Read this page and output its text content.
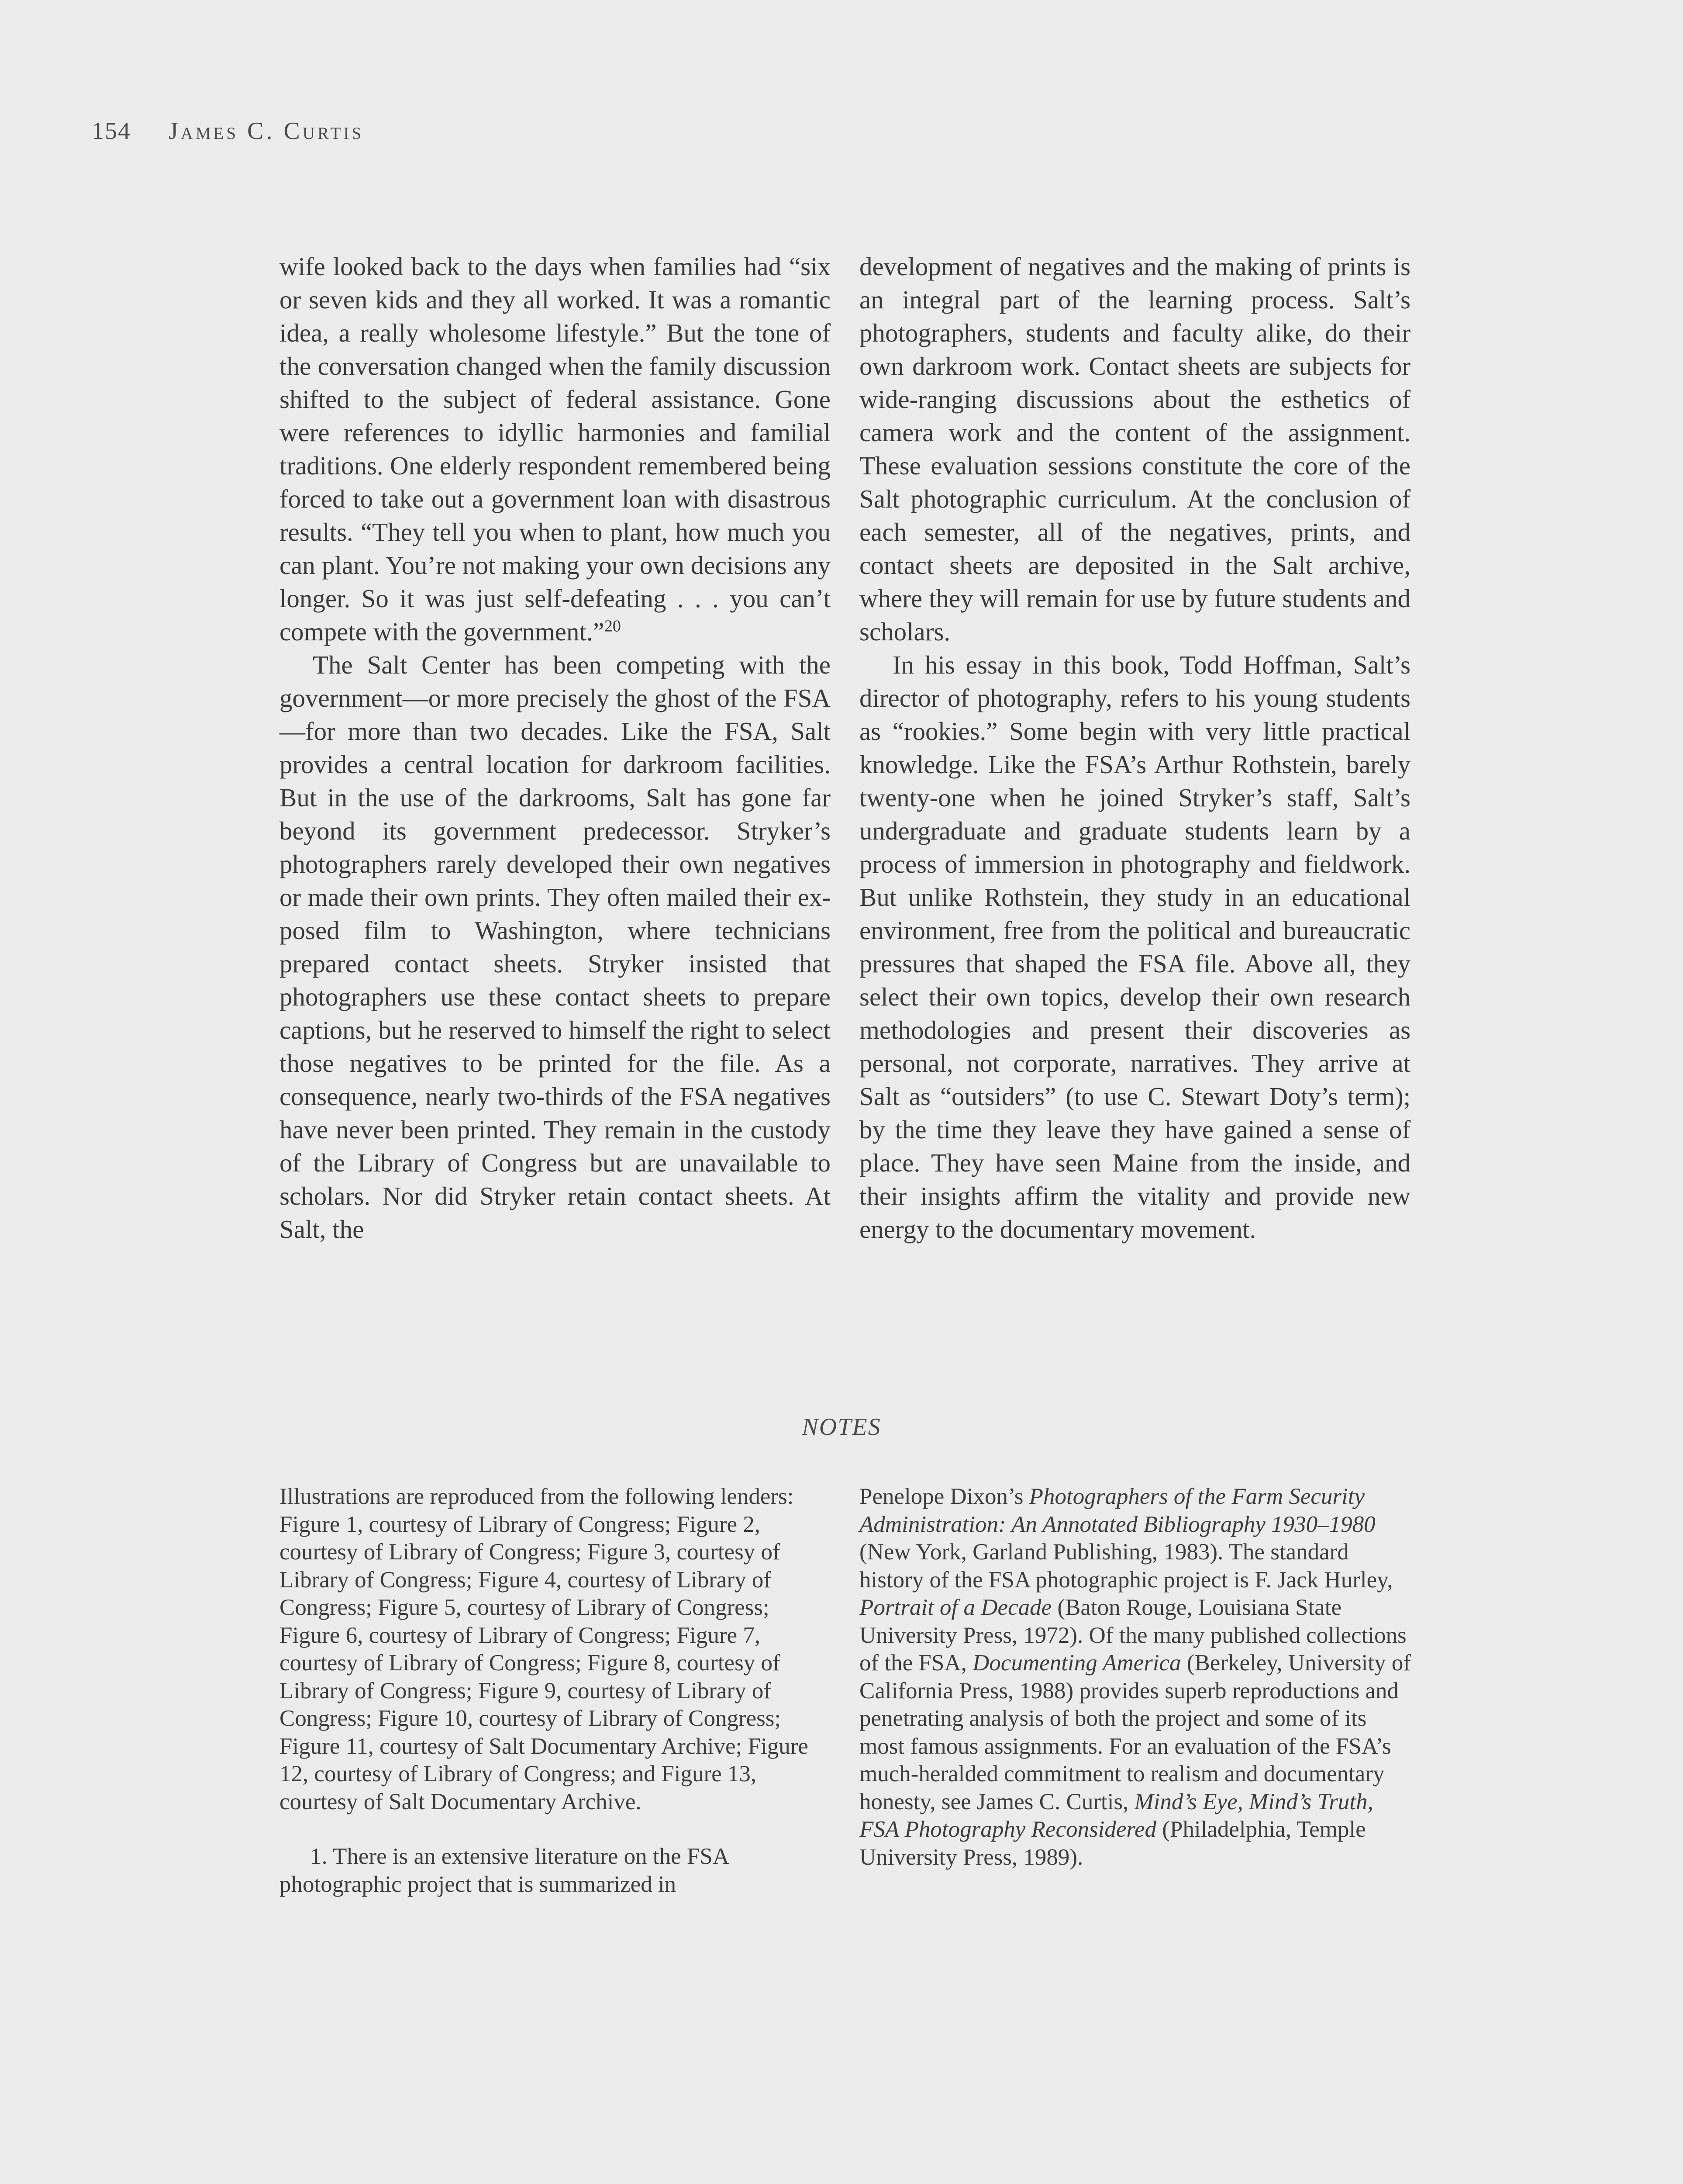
154 James C. Curtis

wife looked back to the days when families had “six or seven kids and they all worked. It was a romantic idea, a really wholesome lifestyle.” But the tone of the conversation changed when the family discussion shifted to the subject of federal assistance. Gone were references to idyllic harmonies and familial traditions. One elderly respondent remembered being forced to take out a government loan with disastrous results. “They tell you when to plant, how much you can plant. You’re not making your own decisions any longer. So it was just self-defeating . . . you can’t compete with the government.”$^{20}$

The Salt Center has been competing with the government—or more precisely the ghost of the FSA—for more than two decades. Like the FSA, Salt provides a central location for darkroom facilities. But in the use of the darkrooms, Salt has gone far beyond its government predecessor. Stryker’s photographers rarely developed their own negatives or made their own prints. They often mailed their exposed film to Washington, where technicians prepared contact sheets. Stryker insisted that photographers use these contact sheets to prepare captions, but he reserved to himself the right to select those negatives to be printed for the file. As a consequence, nearly two-thirds of the FSA negatives have never been printed. They remain in the custody of the Library of Congress but are unavailable to scholars. Nor did Stryker retain contact sheets. At Salt, the

development of negatives and the making of prints is an integral part of the learning process. Salt’s photographers, students and faculty alike, do their own darkroom work. Contact sheets are subjects for wide-ranging discussions about the esthetics of camera work and the content of the assignment. These evaluation sessions constitute the core of the Salt photographic curriculum. At the conclusion of each semester, all of the negatives, prints, and contact sheets are deposited in the Salt archive, where they will remain for use by future students and scholars.

In his essay in this book, Todd Hoffman, Salt’s director of photography, refers to his young students as “rookies.” Some begin with very little practical knowledge. Like the FSA’s Arthur Rothstein, barely twenty-one when he joined Stryker’s staff, Salt’s undergraduate and graduate students learn by a process of immersion in photography and fieldwork. But unlike Rothstein, they study in an educational environment, free from the political and bureaucratic pressures that shaped the FSA file. Above all, they select their own topics, develop their own research methodologies and present their discoveries as personal, not corporate, narratives. They arrive at Salt as “outsiders” (to use C. Stewart Doty’s term); by the time they leave they have gained a sense of place. They have seen Maine from the inside, and their insights affirm the vitality and provide new energy to the documentary movement.

NOTES

Illustrations are reproduced from the following lenders: Figure 1, courtesy of Library of Congress; Figure 2, courtesy of Library of Congress; Figure 3, courtesy of Library of Congress; Figure 4, courtesy of Library of Congress; Figure 5, courtesy of Library of Congress; Figure 6, courtesy of Library of Congress; Figure 7, courtesy of Library of Congress; Figure 8, courtesy of Library of Congress; Figure 9, courtesy of Library of Congress; Figure 10, courtesy of Library of Congress; Figure 11, courtesy of Salt Documentary Archive; Figure 12, courtesy of Library of Congress; and Figure 13, courtesy of Salt Documentary Archive.

1. There is an extensive literature on the FSA photographic project that is summarized in

Penelope Dixon’s Photographers of the Farm Security Administration: An Annotated Bibliography 1930–1980 (New York, Garland Publishing, 1983). The standard history of the FSA photographic project is F. Jack Hurley, Portrait of a Decade (Baton Rouge, Louisiana State University Press, 1972). Of the many published collections of the FSA, Documenting America (Berkeley, University of California Press, 1988) provides superb reproductions and penetrating analysis of both the project and some of its most famous assignments. For an evaluation of the FSA’s much-heralded commitment to realism and documentary honesty, see James C. Curtis, Mind’s Eye, Mind’s Truth, FSA Photography Reconsidered (Philadelphia, Temple University Press, 1989).
